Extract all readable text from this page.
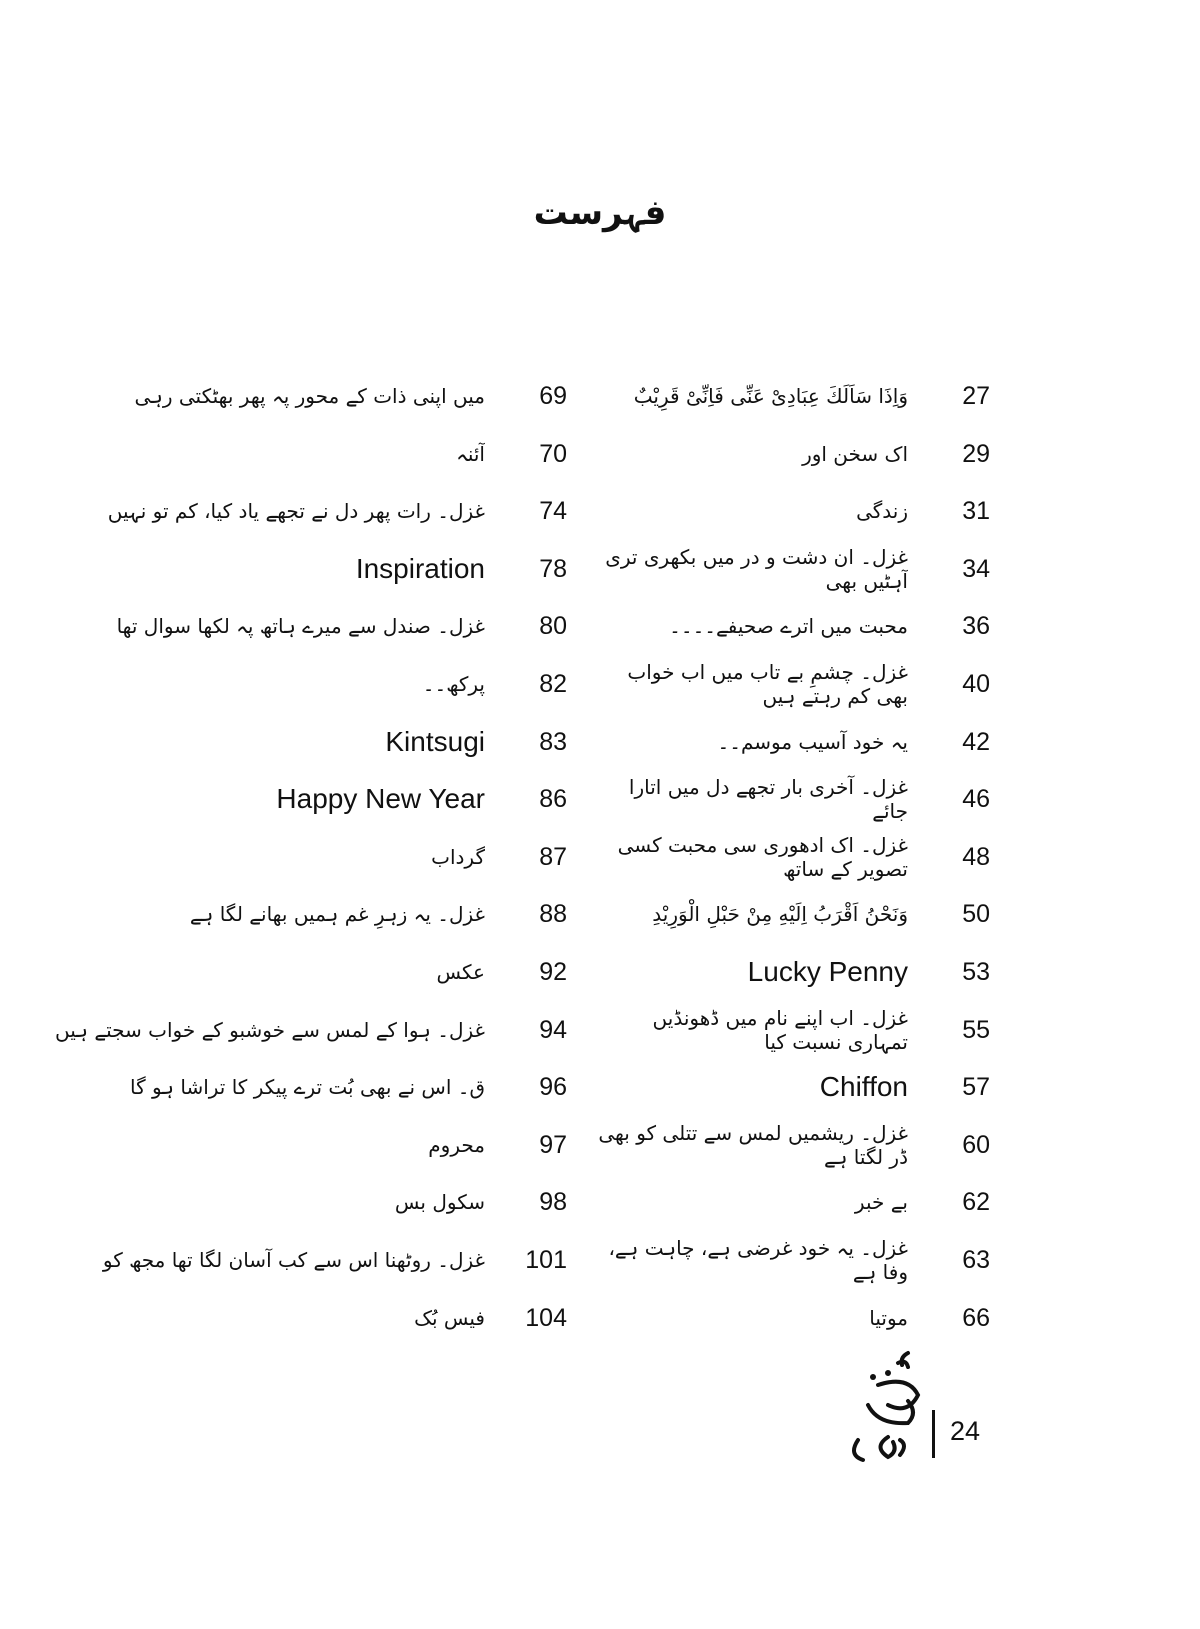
فہرست
27
وَاِذَا سَاَلَكَ عِبَادِیْ عَنِّی فَاِنِّیْ قَرِیْبٌ
29
اک سخن اور
31
زندگی
34
غزل۔ ان دشت و در میں بکھری تری آہٹیں بھی
36
محبت میں اترے صحیفے۔۔۔۔
40
غزل۔ چشمِ بے تاب میں اب خواب بھی کم رہتے ہیں
42
یہ خود آسیب موسم۔۔
46
غزل۔ آخری بار تجھے دل میں اتارا جائے
48
غزل۔ اک ادھوری سی محبت کسی تصویر کے ساتھ
50
وَنَحْنُ اَقْرَبُ اِلَیْهِ مِنْ حَبْلِ الْوَرِیْدِ
53
Lucky Penny
55
غزل۔ اب اپنے نام میں ڈھونڈیں تمہاری نسبت کیا
57
Chiffon
60
غزل۔ ریشمیں لمس سے تتلی کو بھی ڈر لگتا ہے
62
بے خبر
63
غزل۔ یہ خود غرضی ہے، چاہت ہے، وفا ہے
66
موتیا
69
میں اپنی ذات کے محور پہ پھر بھٹکتی رہی
70
آئنہ
74
غزل۔ رات پھر دل نے تجھے یاد کیا، کم تو نہیں
78
Inspiration
80
غزل۔ صندل سے میرے ہاتھ پہ لکھا سوال تھا
82
پرکھ۔۔
83
Kintsugi
86
Happy New Year
87
گرداب
88
غزل۔ یہ زہرِ غم ہمیں بھانے لگا ہے
92
عکس
94
غزل۔ ہوا کے لمس سے خوشبو کے خواب سجتے ہیں
96
ق۔ اس نے بھی بُت ترے پیکر کا تراشا ہو گا
97
محروم
98
سکول بس
101
غزل۔ روٹھنا اس سے کب آسان لگا تھا مجھ کو
104
فیس بُک
24
